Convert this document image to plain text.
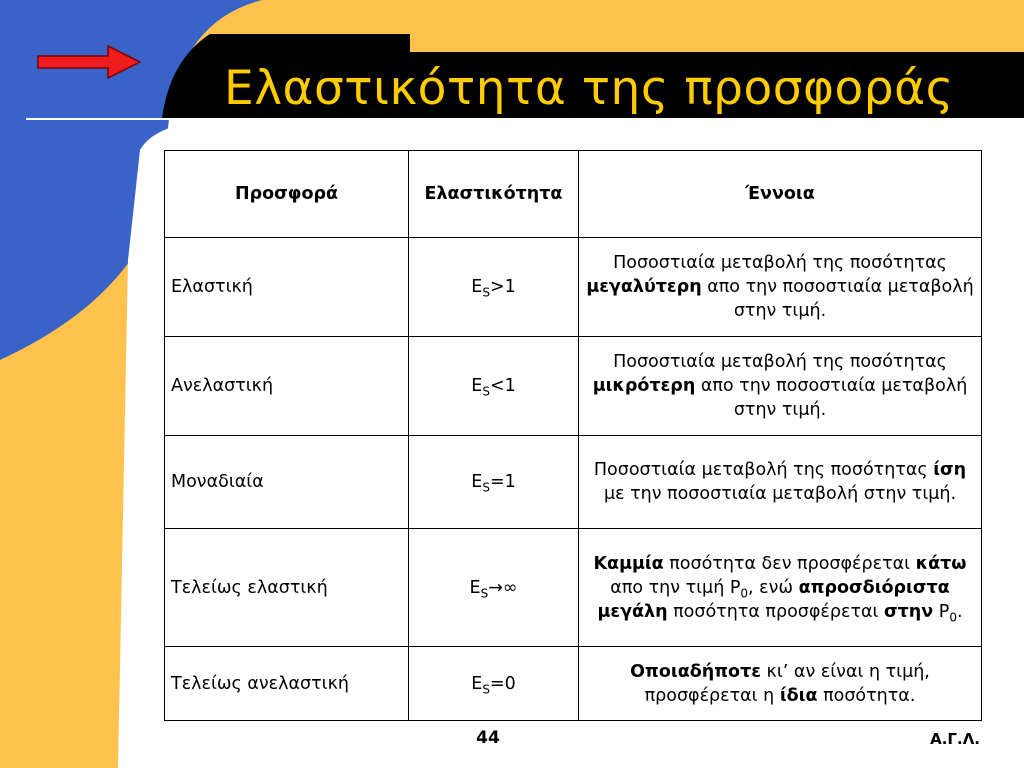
Ελαστικότητα της προσφοράς
Προσφορά	Ελαστικότητα	Έννοια
Ελαστική	$E_S>1$	Ποσοστιαία μεταβολή της ποσότητας μεγαλύτερη απο την ποσοστιαία μεταβολή στην τιμή.
Ανελαστική	$E_S<1$	Ποσοστιαία μεταβολή της ποσότητας μικρότερη απο την ποσοστιαία μεταβολή στην τιμή.
Μοναδιαία	$E_S=1$	Ποσοστιαία μεταβολή της ποσότητας ίση με την ποσοστιαία μεταβολή στην τιμή.
Τελείως ελαστική	$E_S\to\infty$	Καμμία ποσότητα δεν προσφέρεται κάτω απο την τιμή $P_0$, ενώ απροσδιόριστα μεγάλη ποσότητα προσφέρεται στην $P_0$.
Τελείως ανελαστική	$E_S=0$	Οποιαδήποτε κι’ αν είναι η τιμή, προσφέρεται η ίδια ποσότητα.
44	Α.Γ.Λ.
